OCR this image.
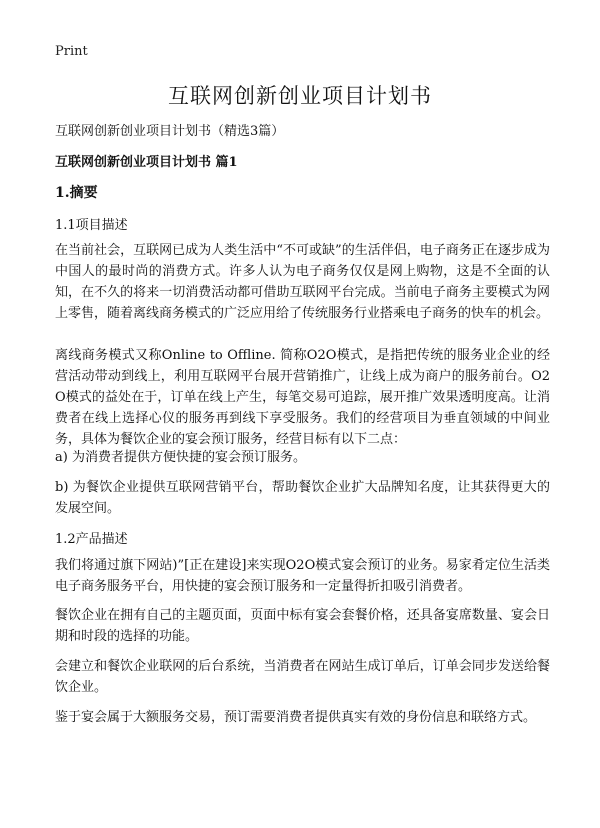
Print
互联网创新创业项目计划书
互联网创新创业项目计划书（精选3篇）
互联网创新创业项目计划书 篇1
1.摘要
1.1项目描述
在当前社会，互联网已成为人类生活中“不可或缺”的生活伴侣，电子商务正在逐步成为中国人的最时尚的消费方式。许多人认为电子商务仅仅是网上购物，这是不全面的认知，在不久的将来一切消费活动都可借助互联网平台完成。当前电子商务主要模式为网上零售，随着离线商务模式的广泛应用给了传统服务行业搭乘电子商务的快车的机会。
离线商务模式又称Online to Offline. 简称O2O模式，是指把传统的服务业企业的经营活动带动到线上，利用互联网平台展开营销推广，让线上成为商户的服务前台。O2O模式的益处在于，订单在线上产生，每笔交易可追踪，展开推广效果透明度高。让消费者在线上选择心仪的服务再到线下享受服务。我们的经营项目为垂直领域的中间业务，具体为餐饮企业的宴会预订服务，经营目标有以下二点：
a) 为消费者提供方便快捷的宴会预订服务。
b) 为餐饮企业提供互联网营销平台，帮助餐饮企业扩大品牌知名度，让其获得更大的发展空间。
1.2产品描述
我们将通过旗下网站)”[正在建设]来实现O2O模式宴会预订的业务。易家肴定位生活类电子商务服务平台，用快捷的宴会预订服务和一定量得折扣吸引消费者。
餐饮企业在拥有自己的主题页面，页面中标有宴会套餐价格，还具备宴席数量、宴会日期和时段的选择的功能。
会建立和餐饮企业联网的后台系统，当消费者在网站生成订单后，订单会同步发送给餐饮企业。
鉴于宴会属于大额服务交易，预订需要消费者提供真实有效的身份信息和联络方式。
